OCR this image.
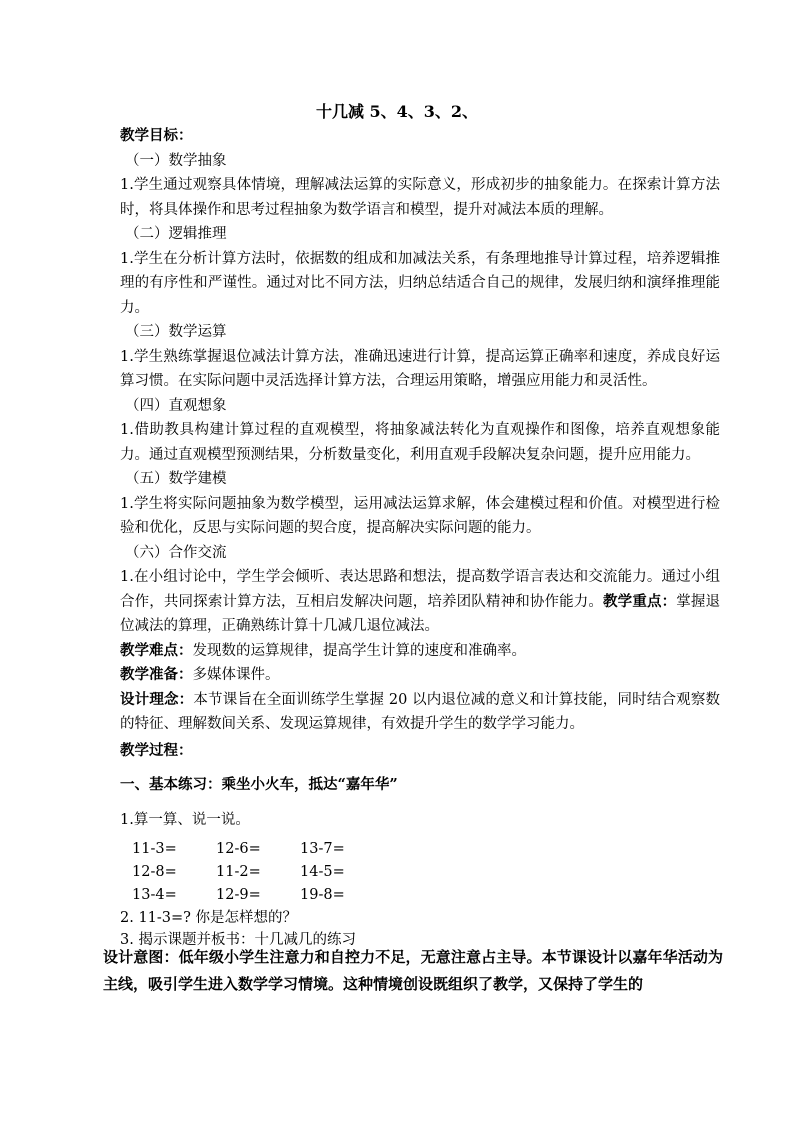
十几减 5、4、3、2、

教学目标：

（一）数学抽象

1.学生通过观察具体情境，理解减法运算的实际意义，形成初步的抽象能力。在探索计算方法时，将具体操作和思考过程抽象为数学语言和模型，提升对减法本质的理解。

（二）逻辑推理

1.学生在分析计算方法时，依据数的组成和加减法关系，有条理地推导计算过程，培养逻辑推理的有序性和严谨性。通过对比不同方法，归纳总结适合自己的规律，发展归纳和演绎推理能力。

（三）数学运算

1.学生熟练掌握退位减法计算方法，准确迅速进行计算，提高运算正确率和速度，养成良好运算习惯。在实际问题中灵活选择计算方法，合理运用策略，增强应用能力和灵活性。

（四）直观想象

1.借助教具构建计算过程的直观模型，将抽象减法转化为直观操作和图像，培养直观想象能力。通过直观模型预测结果，分析数量变化，利用直观手段解决复杂问题，提升应用能力。

（五）数学建模

1.学生将实际问题抽象为数学模型，运用减法运算求解，体会建模过程和价值。对模型进行检验和优化，反思与实际问题的契合度，提高解决实际问题的能力。

（六）合作交流

1.在小组讨论中，学生学会倾听、表达思路和想法，提高数学语言表达和交流能力。通过小组合作，共同探索计算方法，互相启发解决问题，培养团队精神和协作能力。教学重点：掌握退位减法的算理，正确熟练计算十几减几退位减法。

教学难点：发现数的运算规律，提高学生计算的速度和准确率。

教学准备：多媒体课件。

设计理念：本节课旨在全面训练学生掌握 20 以内退位减的意义和计算技能，同时结合观察数的特征、理解数间关系、发现运算规律，有效提升学生的数学学习能力。

教学过程：

一、基本练习：乘坐小火车，抵达“嘉年华”

1.算一算、说一说。

11-3=	12-6=	13-7=
12-8=	11-2=	14-5=
13-4=	12-9=	19-8=

2. 11-3=? 你是怎样想的？

3. 揭示课题并板书：十几减几的练习

设计意图：低年级小学生注意力和自控力不足，无意注意占主导。本节课设计以嘉年华活动为主线，吸引学生进入数学学习情境。这种情境创设既组织了教学，又保持了学生的
